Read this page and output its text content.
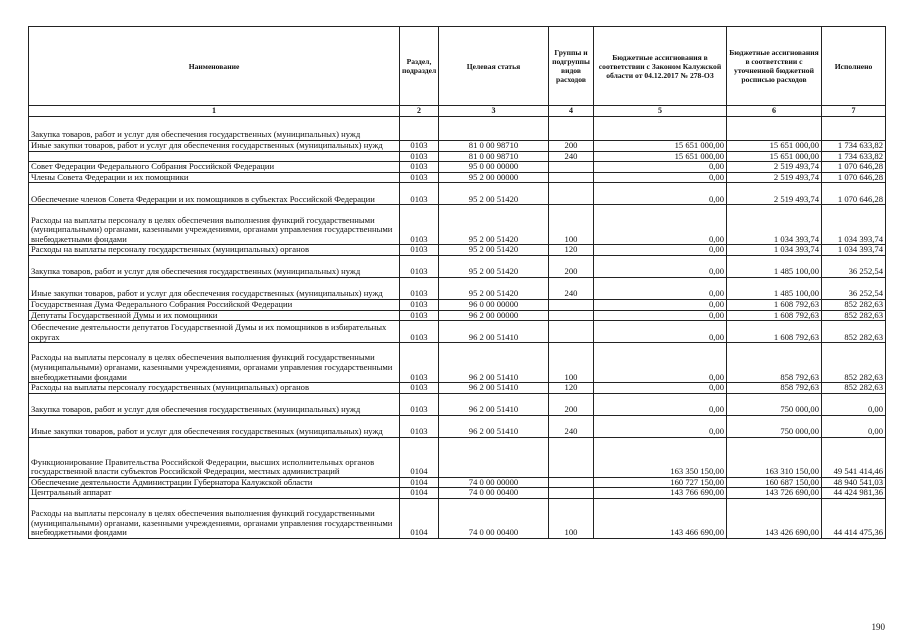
Наименование	Раздел, подраздел	Целевая статья	Группы и подгруппы видов расходов	Бюджетные ассигнования в соответствии с Законом Калужской области от 04.12.2017 № 278-ОЗ	Бюджетные ассигнования в соответствии с уточненной бюджетной росписью расходов	Исполнено
1	2	3	4	5	6	7
Закупка товаров, работ и услуг для обеспечения государственных (муниципальных) нужд						
Иные закупки товаров, работ и услуг для обеспечения государственных (муниципальных) нужд	0103	81 0 00 98710	200	15 651 000,00	15 651 000,00	1 734 633,82
	0103	81 0 00 98710	240	15 651 000,00	15 651 000,00	1 734 633,82
Совет Федерации Федерального Собрания Российской Федерации	0103	95 0 00 00000		0,00	2 519 493,74	1 070 646,28
Члены Совета Федерации и их помощники	0103	95 2 00 00000		0,00	2 519 493,74	1 070 646,28
Обеспечение членов Совета Федерации и их помощников в субъектах Российской Федерации	0103	95 2 00 51420		0,00	2 519 493,74	1 070 646,28
Расходы на выплаты персоналу в целях обеспечения выполнения функций государственными (муниципальными) органами, казенными учреждениями, органами управления государственными внебюджетными фондами	0103	95 2 00 51420	100	0,00	1 034 393,74	1 034 393,74
Расходы на выплаты персоналу государственных (муниципальных) органов	0103	95 2 00 51420	120	0,00	1 034 393,74	1 034 393,74
Закупка товаров, работ и услуг для обеспечения государственных (муниципальных) нужд	0103	95 2 00 51420	200	0,00	1 485 100,00	36 252,54
Иные закупки товаров, работ и услуг для обеспечения государственных (муниципальных) нужд	0103	95 2 00 51420	240	0,00	1 485 100,00	36 252,54
Государственная Дума Федерального Собрания Российской Федерации	0103	96 0 00 00000		0,00	1 608 792,63	852 282,63
Депутаты Государственной Думы и их помощники	0103	96 2 00 00000		0,00	1 608 792,63	852 282,63
Обеспечение деятельности депутатов Государственной Думы и их помощников в избирательных округах	0103	96 2 00 51410		0,00	1 608 792,63	852 282,63
Расходы на выплаты персоналу в целях обеспечения выполнения функций государственными (муниципальными) органами, казенными учреждениями, органами управления государственными внебюджетными фондами	0103	96 2 00 51410	100	0,00	858 792,63	852 282,63
Расходы на выплаты персоналу государственных (муниципальных) органов	0103	96 2 00 51410	120	0,00	858 792,63	852 282,63
Закупка товаров, работ и услуг для обеспечения государственных (муниципальных) нужд	0103	96 2 00 51410	200	0,00	750 000,00	0,00
Иные закупки товаров, работ и услуг для обеспечения государственных (муниципальных) нужд	0103	96 2 00 51410	240	0,00	750 000,00	0,00
Функционирование Правительства Российской Федерации, высших исполнительных органов государственной власти субъектов Российской Федерации, местных администраций	0104			163 350 150,00	163 310 150,00	49 541 414,46
Обеспечение деятельности Администрации Губернатора Калужской области	0104	74 0 00 00000		160 727 150,00	160 687 150,00	48 940 541,03
Центральный аппарат	0104	74 0 00 00400		143 766 690,00	143 726 690,00	44 424 981,36
Расходы на выплаты персоналу в целях обеспечения выполнения функций государственными (муниципальными) органами, казенными учреждениями, органами управления государственными внебюджетными фондами	0104	74 0 00 00400	100	143 466 690,00	143 426 690,00	44 414 475,36
190
